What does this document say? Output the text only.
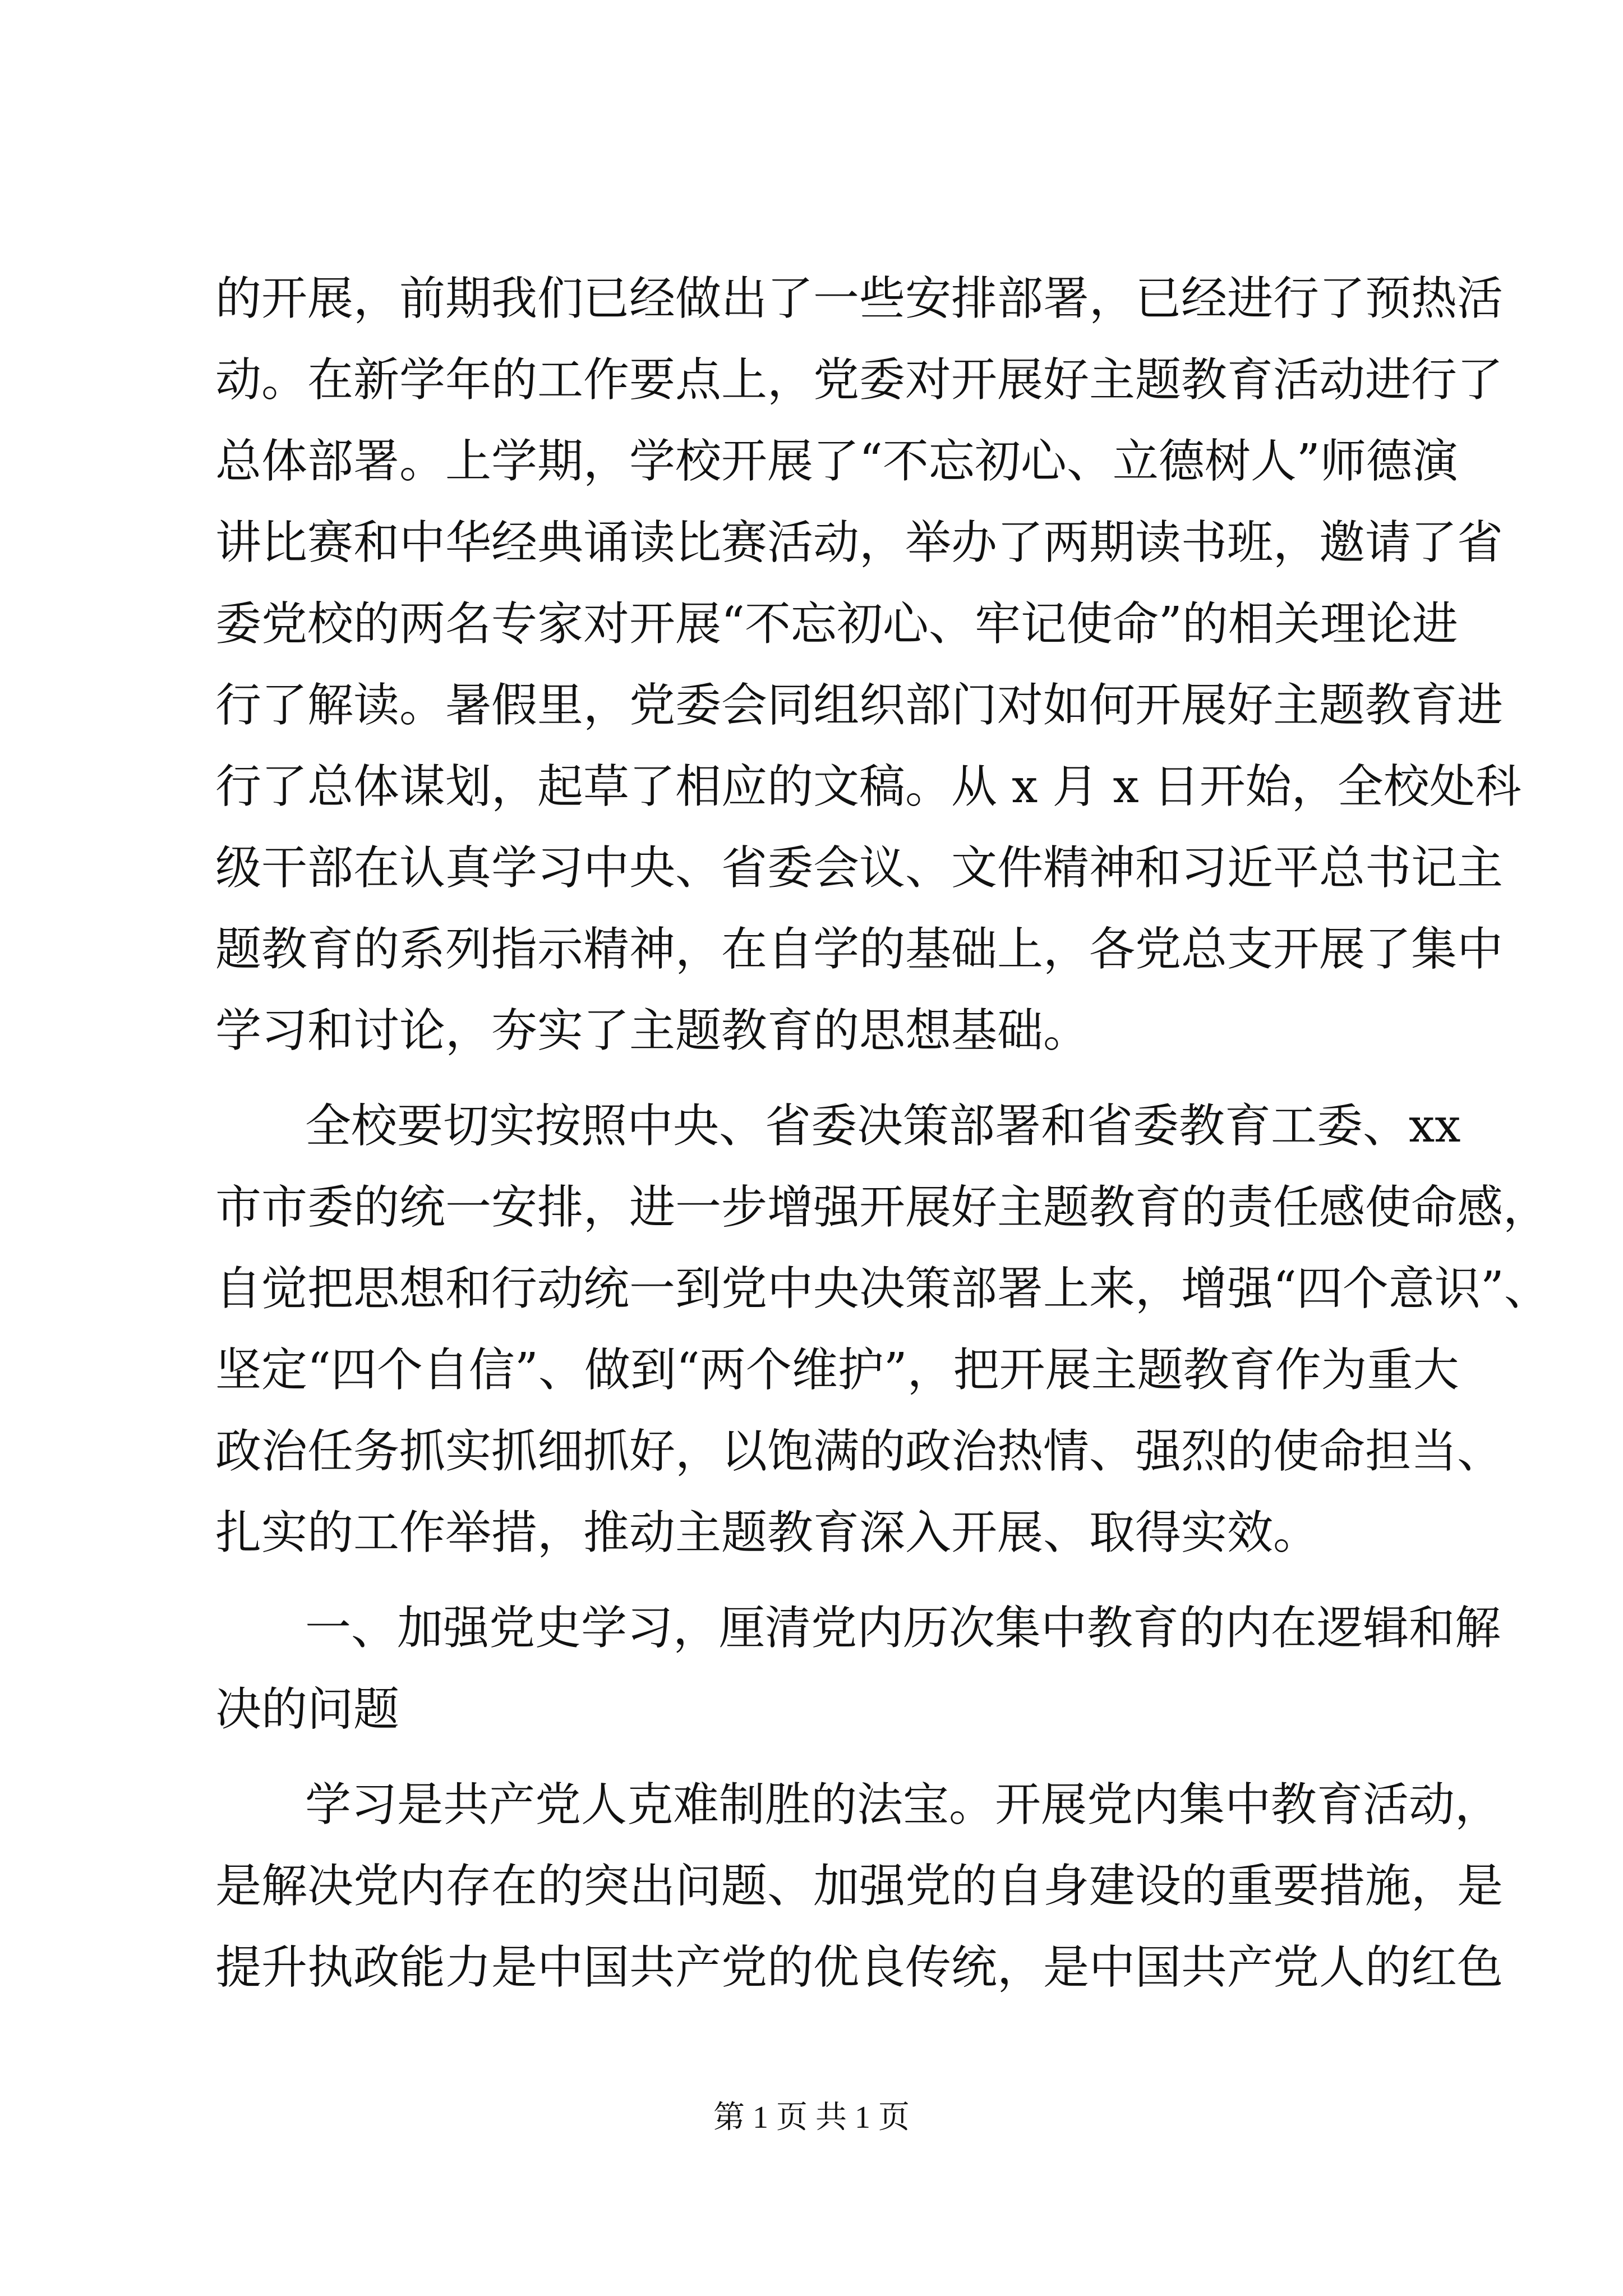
的开展，前期我们已经做出了一些安排部署，已经进行了预热活
动。在新学年的工作要点上，党委对开展好主题教育活动进行了
总体部署。上学期，学校开展了“不忘初心、立德树人”师德演
讲比赛和中华经典诵读比赛活动，举办了两期读书班，邀请了省
委党校的两名专家对开展“不忘初心、牢记使命”的相关理论进
行了解读。暑假里，党委会同组织部门对如何开展好主题教育进
行了总体谋划，起草了相应的文稿。从 x 月 x 日开始，全校处科
级干部在认真学习中央、省委会议、文件精神和习近平总书记主
题教育的系列指示精神，在自学的基础上，各党总支开展了集中
学习和讨论，夯实了主题教育的思想基础。
全校要切实按照中央、省委决策部署和省委教育工委、xx
市市委的统一安排，进一步增强开展好主题教育的责任感使命感，
自觉把思想和行动统一到党中央决策部署上来，增强“四个意识”、
坚定“四个自信”、做到“两个维护”，把开展主题教育作为重大
政治任务抓实抓细抓好，以饱满的政治热情、强烈的使命担当、
扎实的工作举措，推动主题教育深入开展、取得实效。
一、加强党史学习，厘清党内历次集中教育的内在逻辑和解
决的问题
学习是共产党人克难制胜的法宝。开展党内集中教育活动，
是解决党内存在的突出问题、加强党的自身建设的重要措施，是
提升执政能力是中国共产党的优良传统，是中国共产党人的红色
第 1 页 共 1 页
